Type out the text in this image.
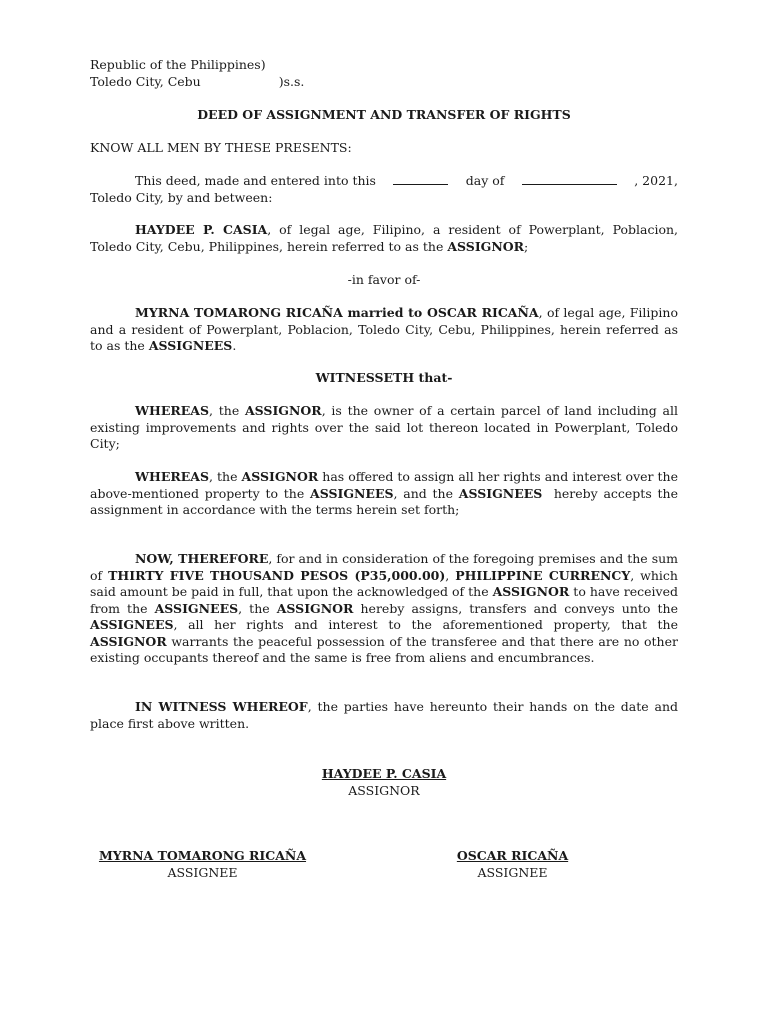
Republic of the Philippines)
Toledo City, Cebu	)s.s.
DEED OF ASSIGNMENT AND TRANSFER OF RIGHTS
KNOW ALL MEN BY THESE PRESENTS:
This deed, made and entered into this	day of	, 2021,
Toledo City, by and between:
HAYDEE P. CASIA, of legal age, Filipino, a resident of Powerplant, Poblacion, Toledo City, Cebu, Philippines, herein referred to as the ASSIGNOR;
-in favor of-
MYRNA TOMARONG RICAÑA married to OSCAR RICAÑA, of legal age, Filipino and a resident of Powerplant, Poblacion, Toledo City, Cebu, Philippines, herein referred as to as the ASSIGNEES.
WITNESSETH that-
WHEREAS, the ASSIGNOR, is the owner of a certain parcel of land including all existing improvements and rights over the said lot thereon located in Powerplant, Toledo City;
WHEREAS, the ASSIGNOR has offered to assign all her rights and interest over the above-mentioned property to the ASSIGNEES, and the ASSIGNEES hereby accepts the assignment in accordance with the terms herein set forth;
NOW, THEREFORE, for and in consideration of the foregoing premises and the sum of THIRTY FIVE THOUSAND PESOS (P35,000.00), PHILIPPINE CURRENCY, which said amount be paid in full, that upon the acknowledged of the ASSIGNOR to have received from the ASSIGNEES, the ASSIGNOR hereby assigns, transfers and conveys unto the ASSIGNEES, all her rights and interest to the aforementioned property, that the ASSIGNOR warrants the peaceful possession of the transferee and that there are no other existing occupants thereof and the same is free from aliens and encumbrances.
IN WITNESS WHEREOF, the parties have hereunto their hands on the date and place first above written.
HAYDEE P. CASIA
ASSIGNOR
MYRNA TOMARONG RICAÑA
ASSIGNEE
OSCAR RICAÑA
ASSIGNEE
